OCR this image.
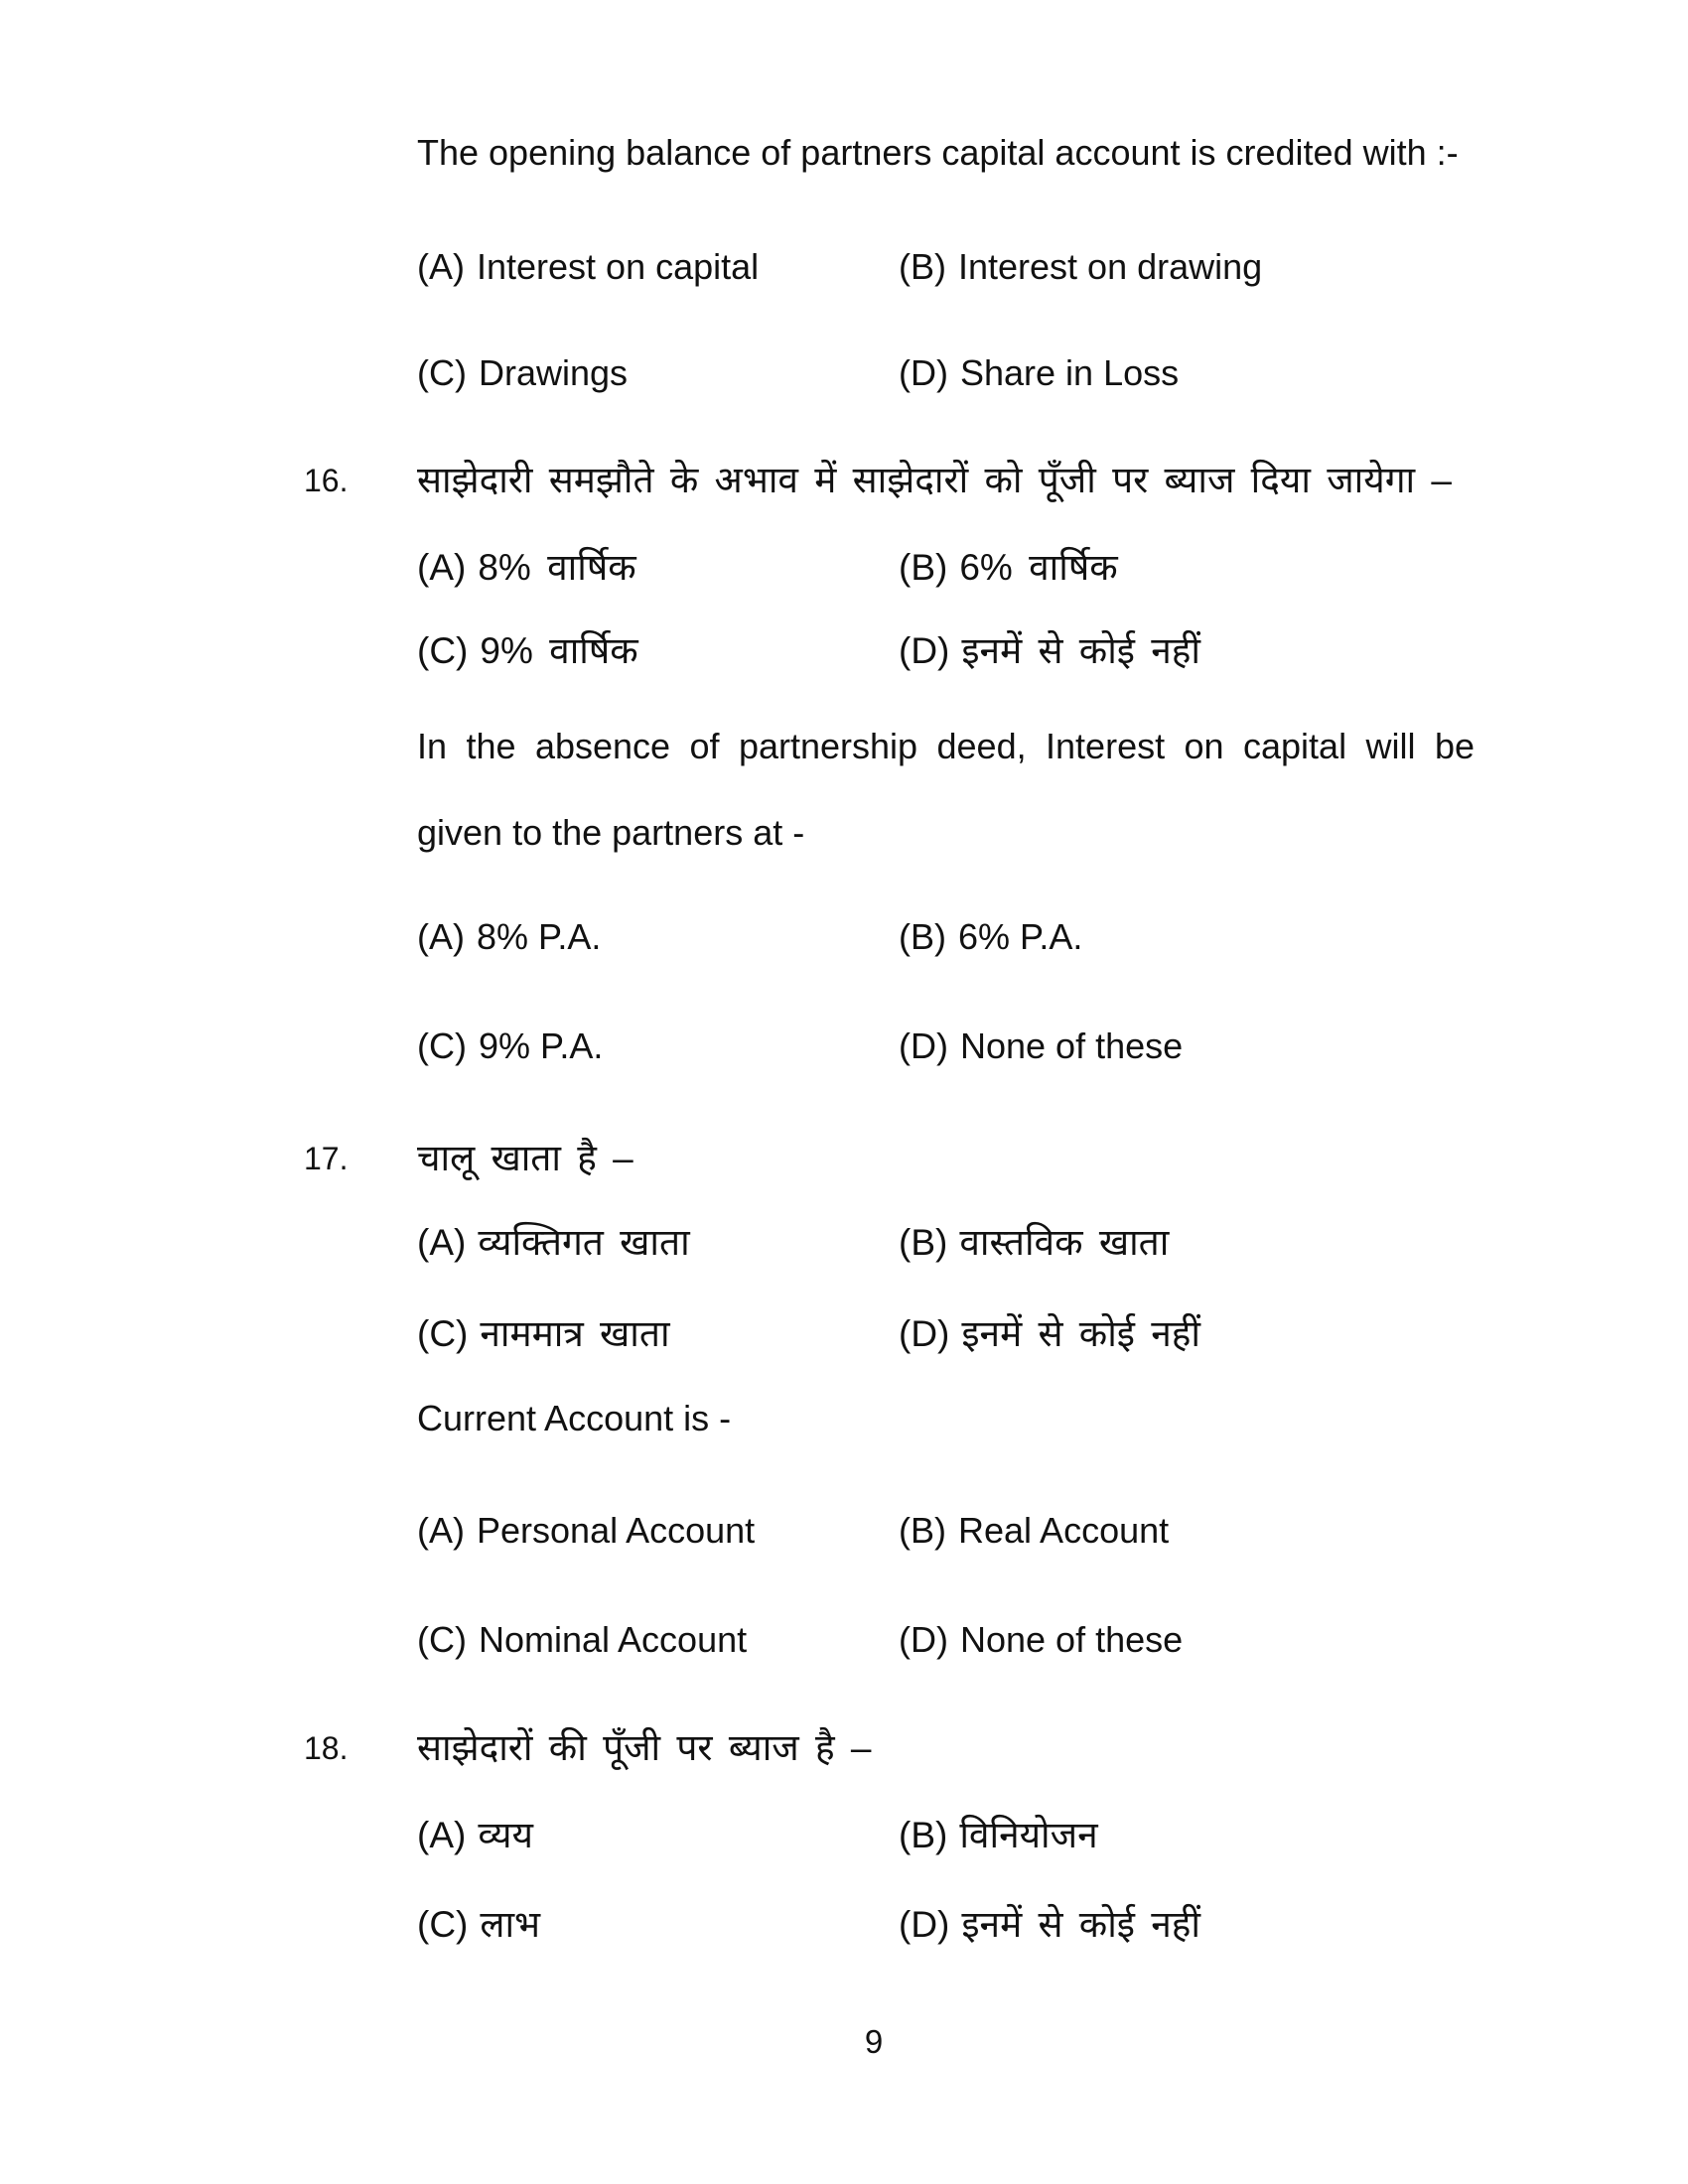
The opening balance of partners capital account is credited with :-
(A) Interest on capital	(B) Interest on drawing
(C) Drawings	(D) Share in Loss
16. साझेदारी समझौते के अभाव में साझेदारों को पूँजी पर ब्याज दिया जायेगा –
(A) 8% वार्षिक	(B) 6% वार्षिक
(C) 9% वार्षिक	(D) इनमें से कोई नहीं
In the absence of partnership deed, Interest on capital will be
given to the partners at -
(A) 8% P.A.	(B) 6% P.A.
(C) 9% P.A.	(D) None of these
17. चालू खाता है –
(A) व्यक्तिगत खाता	(B) वास्तविक खाता
(C) नाममात्र खाता	(D) इनमें से कोई नहीं
Current Account is -
(A) Personal Account	(B) Real Account
(C) Nominal Account	(D) None of these
18. साझेदारों की पूँजी पर ब्याज है –
(A) व्यय	(B) विनियोजन
(C) लाभ	(D) इनमें से कोई नहीं
9
